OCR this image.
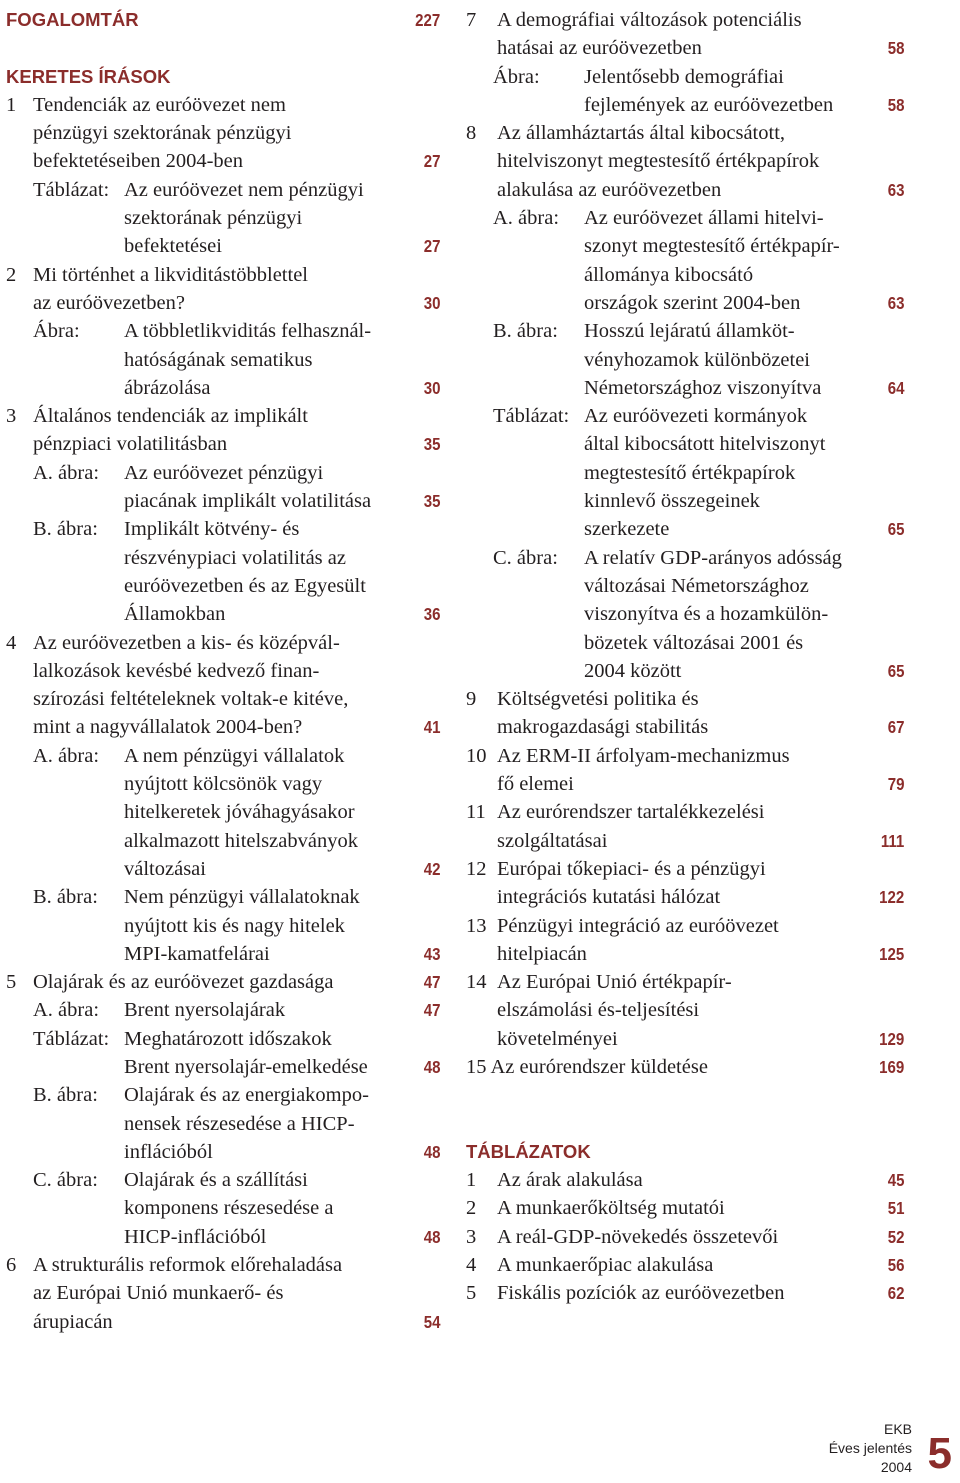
FOGALOMTÁR	227
KERETES ÍRÁSOK
1 Tendenciák az euróövezet nem
pénzügyi szektorának pénzügyi
befektetéseiben 2004-ben	27
Táblázat: Az euróövezet nem pénzügyi
szektorának pénzügyi
befektetései	27
2 Mi történhet a likviditástöbblettel
az euróövezetben?	30
Ábra: A többletlikviditás felhasznál-
hatóságának sematikus
ábrázolása	30
3 Általános tendenciák az implikált
pénzpiaci volatilitásban	35
A. ábra: Az euróövezet pénzügyi
piacának implikált volatilitása	35
B. ábra: Implikált kötvény- és
részvénypiaci volatilitás az
euróövezetben és az Egyesült
Államokban	36
4 Az euróövezetben a kis- és középvál-
lalkozások kevésbé kedvező finan-
szírozási feltételeknek voltak-e kitéve,
mint a nagyvállalatok 2004-ben?	41
A. ábra: A nem pénzügyi vállalatok
nyújtott kölcsönök vagy
hitelkeretek jóváhagyásakor
alkalmazott hitelszabványok
változásai	42
B. ábra: Nem pénzügyi vállalatoknak
nyújtott kis és nagy hitelek
MPI-kamatfelárai	43
5 Olajárak és az euróövezet gazdasága	47
A. ábra: Brent nyersolajárak	47
Táblázat: Meghatározott időszakok
Brent nyersolajár-emelkedése	48
B. ábra: Olajárak és az energiakompo-
nensek részesedése a HICP-
inflációból	48
C. ábra: Olajárak és a szállítási
komponens részesedése a
HICP-inflációból	48
6 A strukturális reformok előrehaladása
az Európai Unió munkaerő- és
árupiacán	54
7 A demográfiai változások potenciális
hatásai az euróövezetben	58
Ábra: Jelentősebb demográfiai
fejlemények az euróövezetben	58
8 Az államháztartás által kibocsátott,
hitelviszonyt megtestesítő értékpapírok
alakulása az euróövezetben	63
A. ábra: Az euróövezet állami hitelvi-
szonyt megtestesítő értékpapír-
állománya kibocsátó
országok szerint 2004-ben	63
B. ábra: Hosszú lejáratú államköt-
vényhozamok különbözetei
Németországhoz viszonyítva	64
Táblázat: Az euróövezeti kormányok
által kibocsátott hitelviszonyt
megtestesítő értékpapírok
kinnlevő összegeinek
szerkezete	65
C. ábra: A relatív GDP-arányos adósság
változásai Németországhoz
viszonyítva és a hozamkülön-
bözetek változásai 2001 és
2004 között	65
9 Költségvetési politika és
makrogazdasági stabilitás	67
10 Az ERM-II árfolyam-mechanizmus
fő elemei	79
11 Az eurórendszer tartalékkezelési
szolgáltatásai	111
12 Európai tőkepiaci- és a pénzügyi
integrációs kutatási hálózat	122
13 Pénzügyi integráció az euróövezet
hitelpiacán	125
14 Az Európai Unió értékpapír-
elszámolási és-teljesítési
követelményei	129
15 Az eurórendszer küldetése	169
TÁBLÁZATOK
1 Az árak alakulása	45
2 A munkaerőköltség mutatói	51
3 A reál-GDP-növekedés összetevői	52
4 A munkaerőpiac alakulása	56
5 Fiskális pozíciók az euróövezetben	62
EKB
Éves jelentés
2004 5
